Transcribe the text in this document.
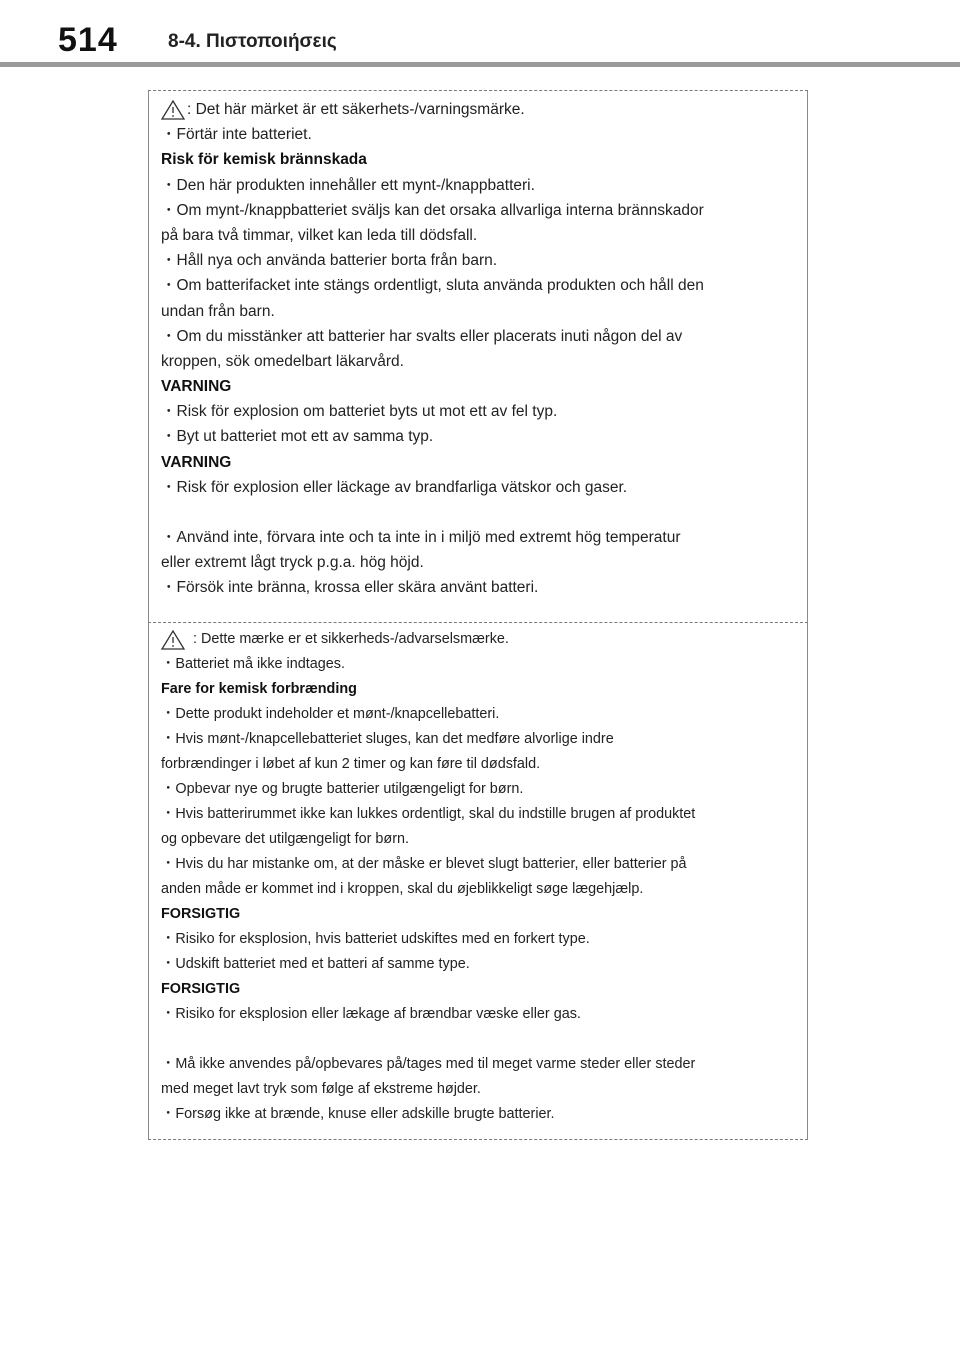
514	8-4. Πιστοποιήσεις
: Det här märket är ett säkerhets-/varningsmärke.
・Förtär inte batteriet.
Risk för kemisk brännskada
・Den här produkten innehåller ett mynt-/knappbatteri.
・Om mynt-/knappbatteriet sväljs kan det orsaka allvarliga interna brännskador
på bara två timmar, vilket kan leda till dödsfall.
・Håll nya och använda batterier borta från barn.
・Om batterifacket inte stängs ordentligt, sluta använda produkten och håll den
undan från barn.
・Om du misstänker att batterier har svalts eller placerats inuti någon del av
kroppen, sök omedelbart läkarvård.
VARNING
・Risk för explosion om batteriet byts ut mot ett av fel typ.
・Byt ut batteriet mot ett av samma typ.
VARNING
・Risk för explosion eller läckage av brandfarliga vätskor och gaser.
・Använd inte, förvara inte och ta inte in i miljö med extremt hög temperatur
eller extremt lågt tryck p.g.a. hög höjd.
・Försök inte bränna, krossa eller skära använt batteri.
: Dette mærke er et sikkerheds-/advarselsmærke.
・Batteriet må ikke indtages.
Fare for kemisk forbrænding
・Dette produkt indeholder et mønt-/knapcellebatteri.
・Hvis mønt-/knapcellebatteriet sluges, kan det medføre alvorlige indre
forbrændinger i løbet af kun 2 timer og kan føre til dødsfald.
・Opbevar nye og brugte batterier utilgængeligt for børn.
・Hvis batterirummet ikke kan lukkes ordentligt, skal du indstille brugen af produktet
og opbevare det utilgængeligt for børn.
・Hvis du har mistanke om, at der måske er blevet slugt batterier, eller batterier på
anden måde er kommet ind i kroppen, skal du øjeblikkeligt søge lægehjælp.
FORSIGTIG
・Risiko for eksplosion, hvis batteriet udskiftes med en forkert type.
・Udskift batteriet med et batteri af samme type.
FORSIGTIG
・Risiko for eksplosion eller lækage af brændbar væske eller gas.
・Må ikke anvendes på/opbevares på/tages med til meget varme steder eller steder
med meget lavt tryk som følge af ekstreme højder.
・Forsøg ikke at brænde, knuse eller adskille brugte batterier.
